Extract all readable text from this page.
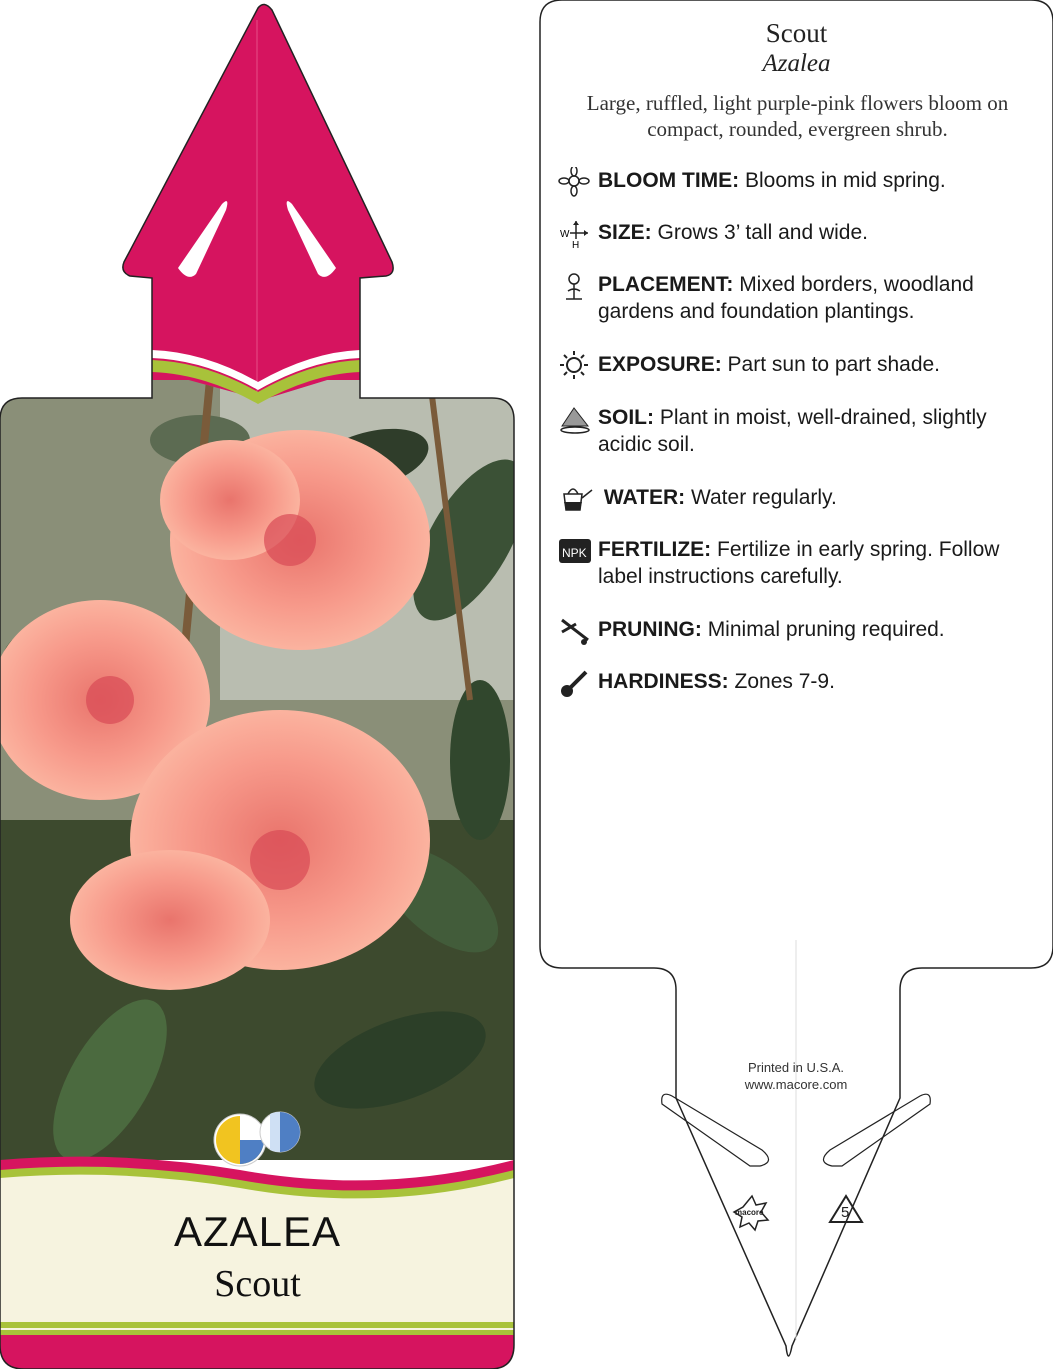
AZALEA
Scout
Scout
Azalea
Large, ruffled, light purple-pink flowers bloom on compact, rounded, evergreen shrub.
BLOOM TIME: Blooms in mid spring.
W
H
SIZE: Grows 3’ tall and wide.
PLACEMENT: Mixed borders, woodland gardens and foundation plantings.
EXPOSURE: Part sun to part shade.
SOIL: Plant in moist, well-drained, slightly acidic soil.
WATER: Water regularly.
NPK FERTILIZE: Fertilize in early spring. Follow label instructions carefully.
PRUNING: Minimal pruning required.
HARDINESS: Zones 7-9.
Printed in U.S.A.
www.macore.com
macore	5
